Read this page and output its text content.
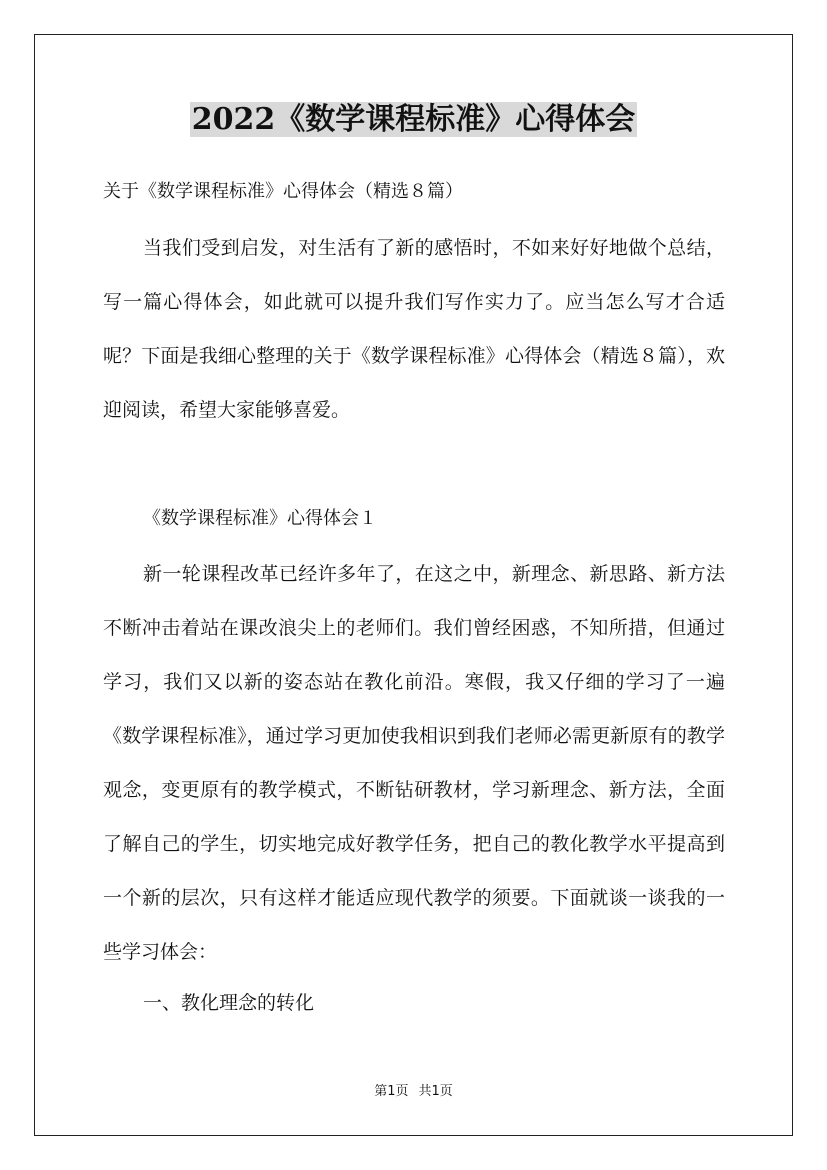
2022《数学课程标准》心得体会
关于《数学课程标准》心得体会（精选８篇）

当我们受到启发，对生活有了新的感悟时，不如来好好地做个总结，写一篇心得体会，如此就可以提升我们写作实力了。应当怎么写才合适呢？下面是我细心整理的关于《数学课程标准》心得体会（精选８篇），欢迎阅读，希望大家能够喜爱。

《数学课程标准》心得体会１

新一轮课程改革已经许多年了，在这之中，新理念、新思路、新方法不断冲击着站在课改浪尖上的老师们。我们曾经困惑，不知所措，但通过学习，我们又以新的姿态站在教化前沿。寒假，我又仔细的学习了一遍《数学课程标准》，通过学习更加使我相识到我们老师必需更新原有的教学观念，变更原有的教学模式，不断钻研教材，学习新理念、新方法，全面了解自己的学生，切实地完成好教学任务，把自己的教化教学水平提高到一个新的层次，只有这样才能适应现代教学的须要。下面就谈一谈我的一些学习体会：

一、教化理念的转化
第1页 共1页
